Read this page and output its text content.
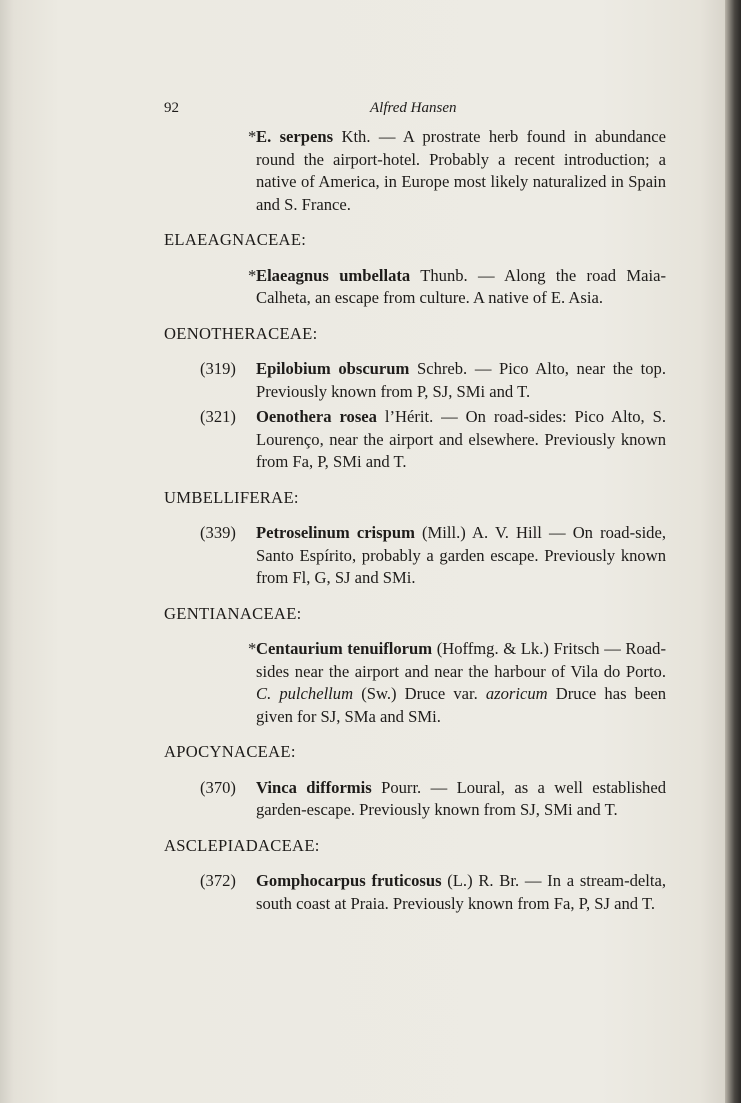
92	Alfred Hansen

* E. serpens Kth. — A prostrate herb found in abundance round the airport-hotel. Probably a recent introduction; a native of America, in Europe most likely naturalized in Spain and S. France.

ELAEAGNACEAE:

* Elaeagnus umbellata Thunb. — Along the road Maia-Calheta, an escape from culture. A native of E. Asia.

OENOTHERACEAE:

(319)	Epilobium obscurum Schreb. — Pico Alto, near the top. Previously known from P, SJ, SMi and T.

(321)	Oenothera rosea l’Hérit. — On road-sides: Pico Alto, S. Lourenço, near the airport and elsewhere. Previously known from Fa, P, SMi and T.

UMBELLIFERAE:

(339)	Petroselinum crispum (Mill.) A. V. Hill — On road-side, Santo Espírito, probably a garden escape. Previously known from Fl, G, SJ and SMi.

GENTIANACEAE:

* Centaurium tenuiflorum (Hoffmg. & Lk.) Fritsch — Road-sides near the airport and near the harbour of Vila do Porto. C. pulchellum (Sw.) Druce var. azoricum Druce has been given for SJ, SMa and SMi.

APOCYNACEAE:

(370)	Vinca difformis Pourr. — Loural, as a well established garden-escape. Previously known from SJ, SMi and T.

ASCLEPIADACEAE:

(372)	Gomphocarpus fruticosus (L.) R. Br. — In a stream-delta, south coast at Praia. Previously known from Fa, P, SJ and T.
